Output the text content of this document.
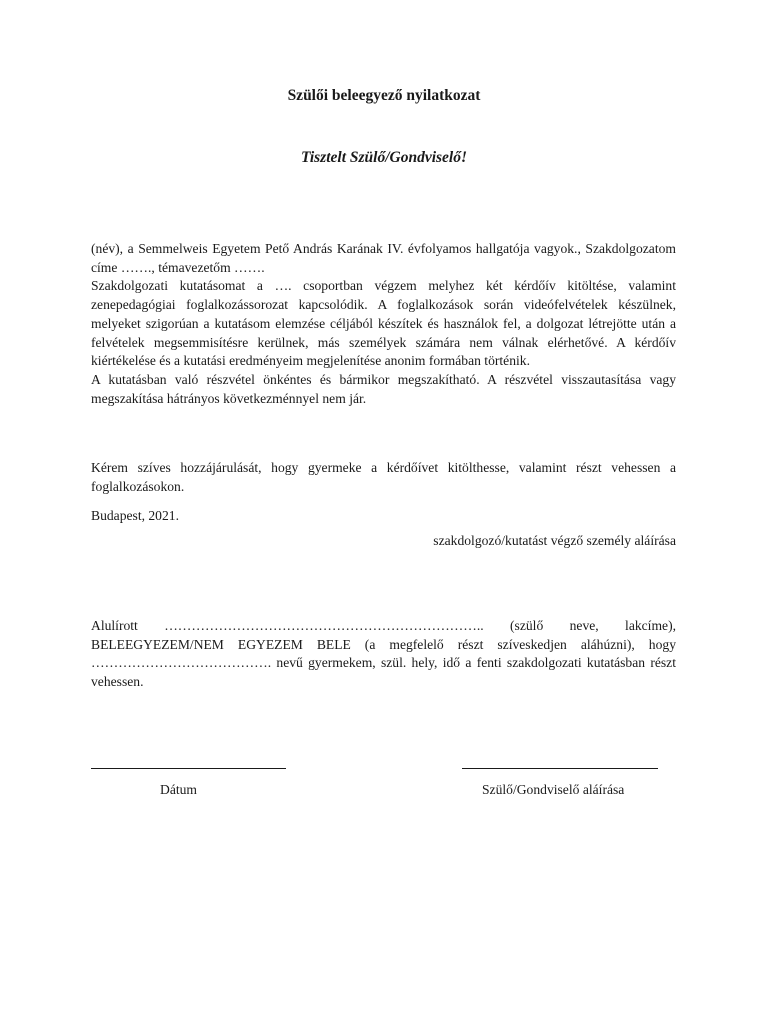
Szülői beleegyező nyilatkozat
Tisztelt Szülő/Gondviselő!

(név), a Semmelweis Egyetem Pető András Karának IV. évfolyamos hallgatója vagyok., Szakdolgozatom címe ……., témavezetőm …….

Szakdolgozati kutatásomat a …. csoportban végzem melyhez két kérdőív kitöltése, valamint zenepedagógiai foglalkozássorozat kapcsolódik. A foglalkozások során videófelvételek készülnek, melyeket szigorúan a kutatásom elemzése céljából készítek és használok fel, a dolgozat létrejötte után a felvételek megsemmisítésre kerülnek, más személyek számára nem válnak elérhetővé. A kérdőív kiértékelése és a kutatási eredményeim megjelenítése anonim formában történik.

A kutatásban való részvétel önkéntes és bármikor megszakítható. A részvétel visszautasítása vagy megszakítása hátrányos következménnyel nem jár.

Kérem szíves hozzájárulását, hogy gyermeke a kérdőívet kitölthesse, valamint részt vehessen a foglalkozásokon.
Budapest, 2021.
szakdolgozó/kutatást végző személy aláírása
Alulírott …………………………………………………………….. (szülő neve, lakcíme), BELEEGYEZEM/NEM EGYEZEM BELE (a megfelelő részt szíveskedjen aláhúzni), hogy …………………………………. nevű gyermekem, szül. hely, idő a fenti szakdolgozati kutatásban részt vehessen.
Dátum	Szülő/Gondviselő aláírása
